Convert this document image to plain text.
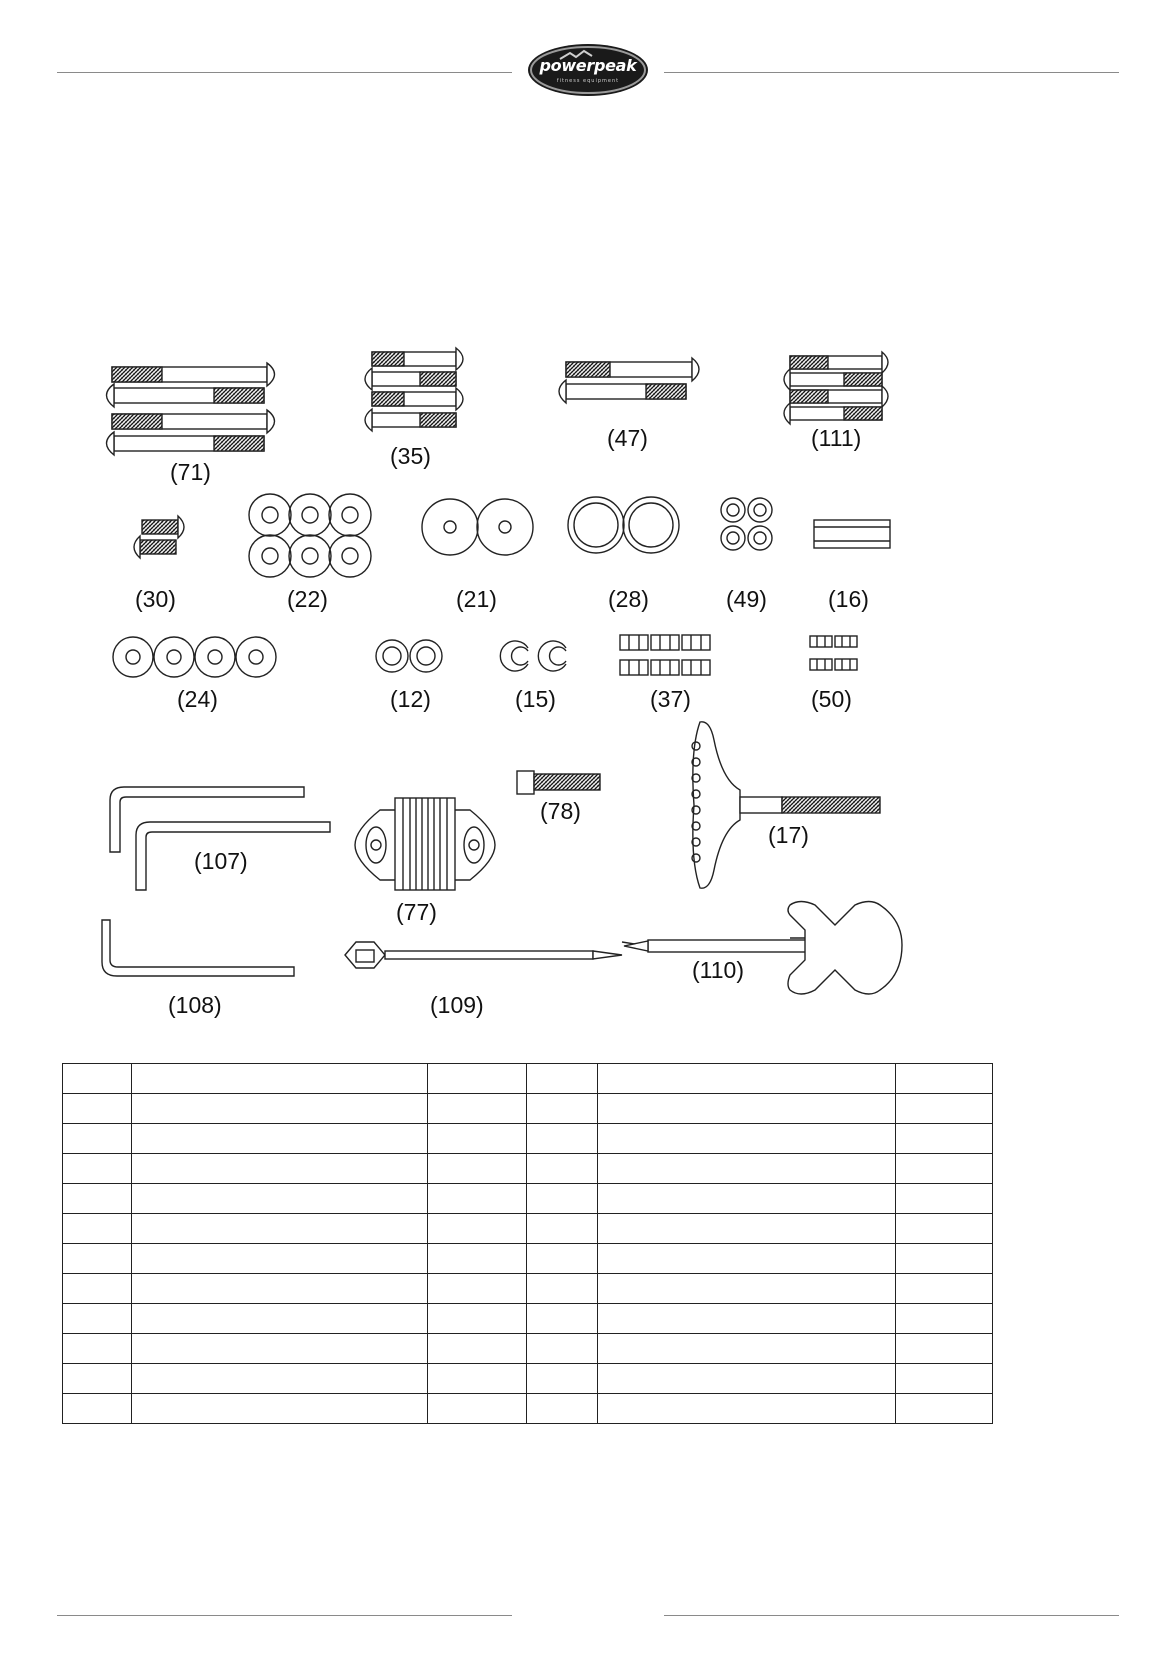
powerpeak
fitness equipment
(71)
(35)
(47)	(111)
(30)	(22)	(21)	(28)	(49)	(16)
(24)	(12)	(15)	(37)	(50)
(107)
(77)
(78)
(17)
(108)	(109)
(110)
